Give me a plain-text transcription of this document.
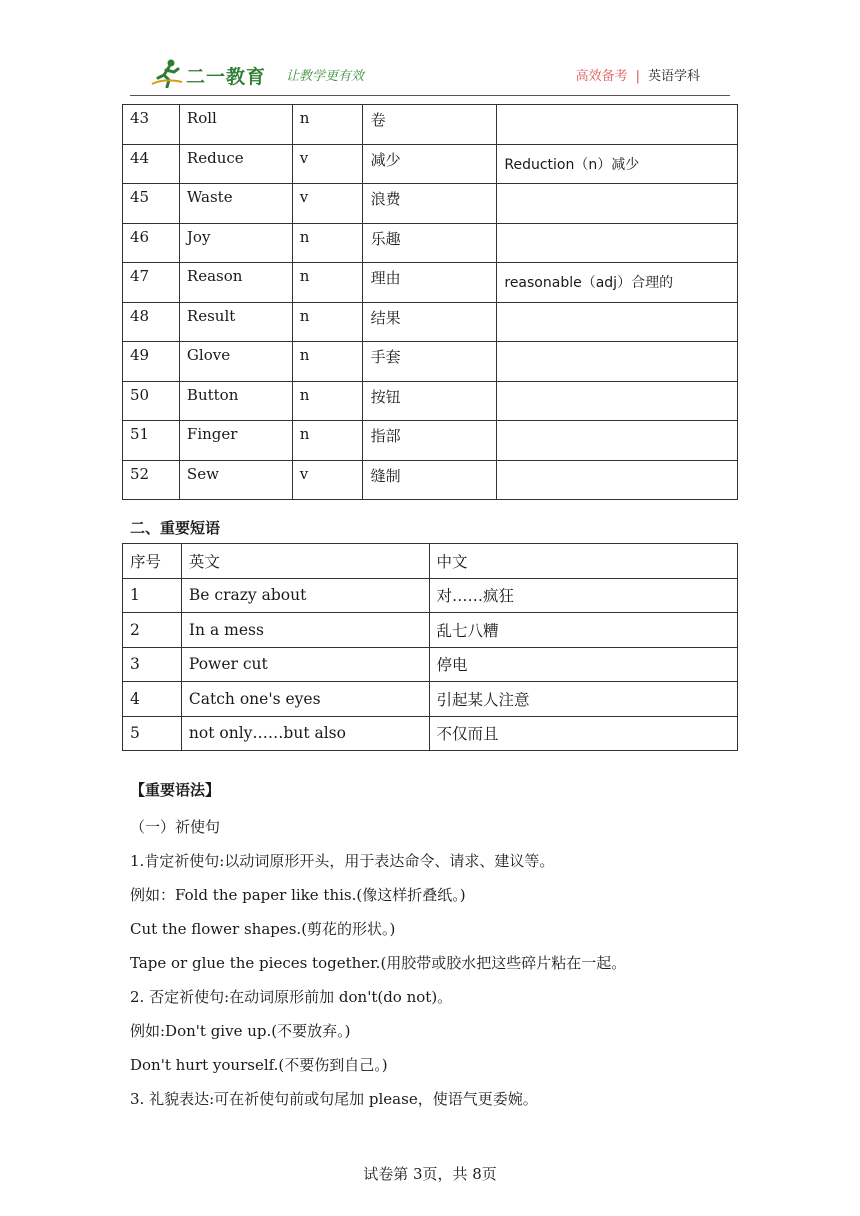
二一教育 让教学更有效	高效备考 | 英语学科
43	Roll	n	卷	
44	Reduce	v	减少	Reduction（n）减少
45	Waste	v	浪费	
46	Joy	n	乐趣	
47	Reason	n	理由	reasonable（adj）合理的
48	Result	n	结果	
49	Glove	n	手套	
50	Button	n	按钮	
51	Finger	n	指部	
52	Sew	v	缝制	
二、重要短语
序号	英文	中文
1	Be crazy about	对……疯狂
2	In a mess	乱七八糟
3	Power cut	停电
4	Catch one's eyes	引起某人注意
5	not only……but also	不仅而且
【重要语法】
（一）祈使句
1.肯定祈使句:以动词原形开头，用于表达命令、请求、建议等。
例如：Fold the paper like this.(像这样折叠纸。)
Cut the flower shapes.(剪花的形状。)
Tape or glue the pieces together.(用胶带或胶水把这些碎片粘在一起。
2. 否定祈使句:在动词原形前加 don't(do not)。
例如:Don't give up.(不要放弃。)
Don't hurt yourself.(不要伤到自己。)
3. 礼貌表达:可在祈使句前或句尾加 please，使语气更委婉。
试卷第 3页，共 8页
